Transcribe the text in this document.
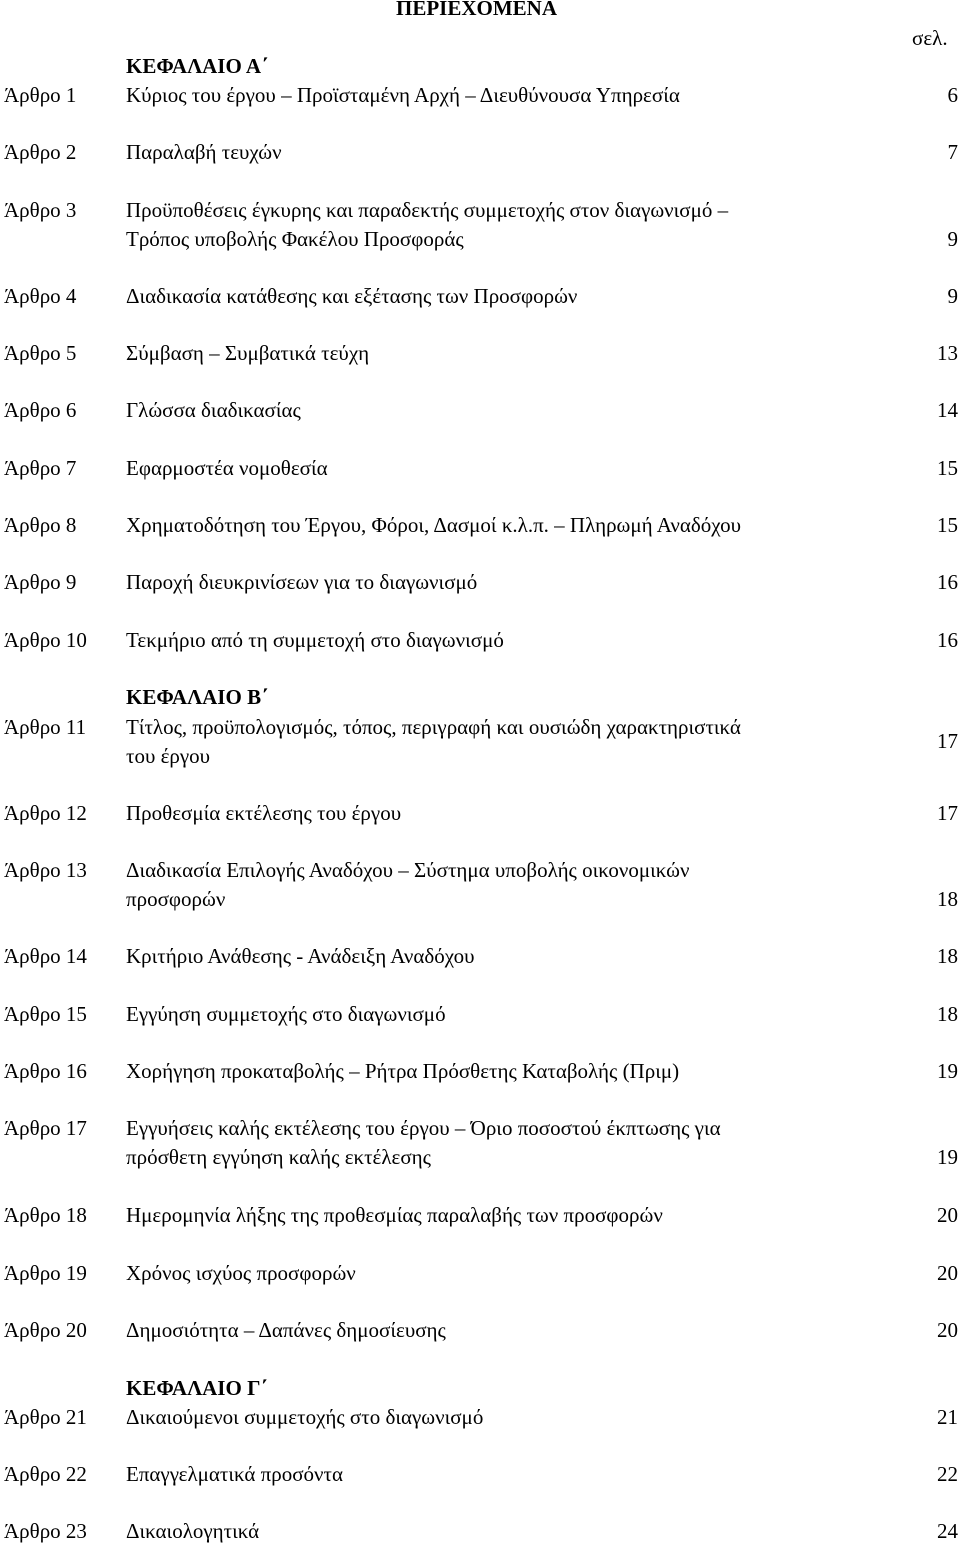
ΠΕΡΙΕΧΟΜΕΝΑ
σελ.
ΚΕΦΑΛΑΙΟ Α΄
ΚΕΦΑΛΑΙΟ Β΄
ΚΕΦΑΛΑΙΟ Γ΄
Άρθρο 1 Κύριος του έργου – Προϊσταμένη Αρχή – Διευθύνουσα Υπηρεσία	6
Άρθρο 2 Παραλαβή τευχών	7
Άρθρο 3 Προϋποθέσεις έγκυρης και παραδεκτής συμμετοχής στον διαγωνισμό –
Τρόπος υποβολής Φακέλου Προσφοράς	9
Άρθρο 4 Διαδικασία κατάθεσης και εξέτασης των Προσφορών	9
Άρθρο 5 Σύμβαση – Συμβατικά τεύχη	13
Άρθρο 6 Γλώσσα διαδικασίας	14
Άρθρο 7 Εφαρμοστέα νομοθεσία	15
Άρθρο 8 Χρηματοδότηση του Έργου, Φόροι, Δασμοί κ.λ.π. – Πληρωμή Αναδόχου	15
Άρθρο 9 Παροχή διευκρινίσεων για το διαγωνισμό	16
Άρθρο 10 Τεκμήριο από τη συμμετοχή στο διαγωνισμό	16
Άρθρο 11 Τίτλος, προϋπολογισμός, τόπος, περιγραφή και ουσιώδη χαρακτηριστικά
του έργου
17
Άρθρο 12 Προθεσμία εκτέλεσης του έργου	17
Άρθρο 13 Διαδικασία Επιλογής Αναδόχου – Σύστημα υποβολής οικονομικών
προσφορών	18
Άρθρο 14 Κριτήριο Ανάθεσης - Ανάδειξη Αναδόχου	18
Άρθρο 15 Εγγύηση συμμετοχής στο διαγωνισμό	18
Άρθρο 16 Χορήγηση προκαταβολής – Ρήτρα Πρόσθετης Καταβολής (Πριμ)	19
Άρθρο 17 Εγγυήσεις καλής εκτέλεσης του έργου – Όριο ποσοστού έκπτωσης για
πρόσθετη εγγύηση καλής εκτέλεσης	19
Άρθρο 18 Ημερομηνία λήξης της προθεσμίας παραλαβής των προσφορών	20
Άρθρο 19 Χρόνος ισχύος προσφορών	20
Άρθρο 20 Δημοσιότητα – Δαπάνες δημοσίευσης	20
Άρθρο 21 Δικαιούμενοι συμμετοχής στο διαγωνισμό	21
Άρθρο 22 Επαγγελματικά προσόντα	22
Άρθρο 23 Δικαιολογητικά	24
